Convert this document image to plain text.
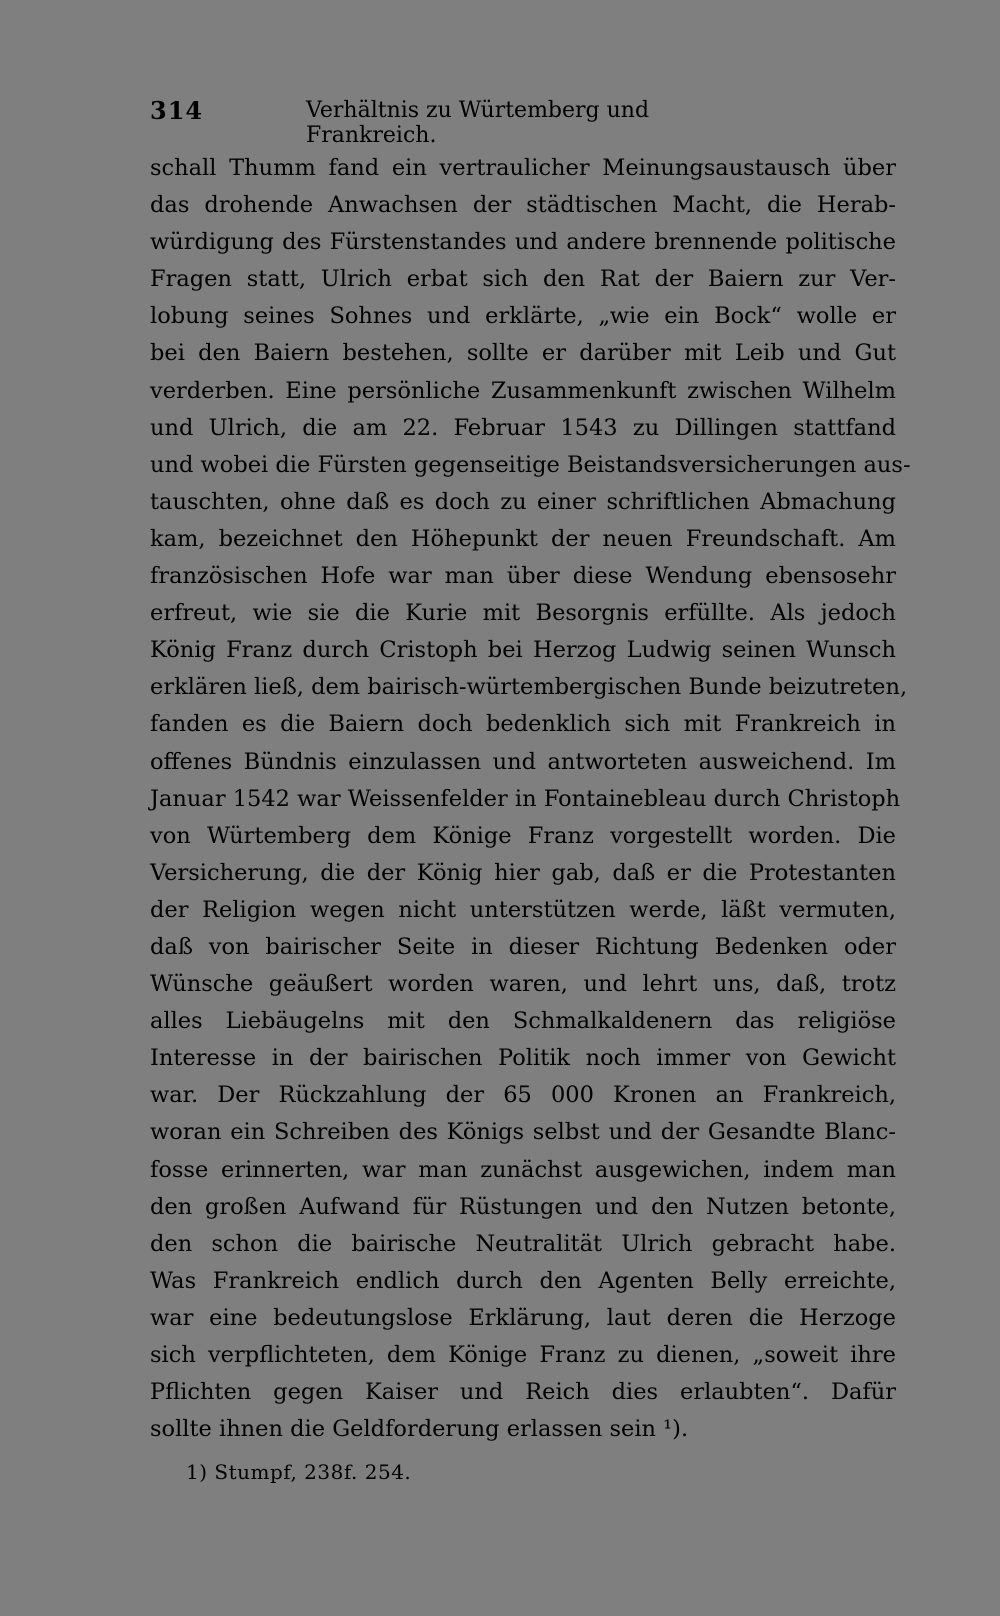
314	Verhältnis zu Würtemberg und Frankreich.
schall Thumm fand ein vertraulicher Meinungsaustausch über
das drohende Anwachsen der städtischen Macht, die Herab-
würdigung des Fürstenstandes und andere brennende politische
Fragen statt, Ulrich erbat sich den Rat der Baiern zur Ver-
lobung seines Sohnes und erklärte, „wie ein Bock“ wolle er
bei den Baiern bestehen, sollte er darüber mit Leib und Gut
verderben. Eine persönliche Zusammenkunft zwischen Wilhelm
und Ulrich, die am 22. Februar 1543 zu Dillingen stattfand
und wobei die Fürsten gegenseitige Beistandsversicherungen aus-
tauschten, ohne daß es doch zu einer schriftlichen Abmachung
kam, bezeichnet den Höhepunkt der neuen Freundschaft. Am
französischen Hofe war man über diese Wendung ebensosehr
erfreut, wie sie die Kurie mit Besorgnis erfüllte. Als jedoch
König Franz durch Cristoph bei Herzog Ludwig seinen Wunsch
erklären ließ, dem bairisch-würtembergischen Bunde beizutreten,
fanden es die Baiern doch bedenklich sich mit Frankreich in
offenes Bündnis einzulassen und antworteten ausweichend. Im
Januar 1542 war Weissenfelder in Fontainebleau durch Christoph
von Würtemberg dem Könige Franz vorgestellt worden. Die
Versicherung, die der König hier gab, daß er die Protestanten
der Religion wegen nicht unterstützen werde, läßt vermuten,
daß von bairischer Seite in dieser Richtung Bedenken oder
Wünsche geäußert worden waren, und lehrt uns, daß, trotz
alles Liebäugelns mit den Schmalkaldenern das religiöse
Interesse in der bairischen Politik noch immer von Gewicht
war. Der Rückzahlung der 65 000 Kronen an Frankreich,
woran ein Schreiben des Königs selbst und der Gesandte Blanc-
fosse erinnerten, war man zunächst ausgewichen, indem man
den großen Aufwand für Rüstungen und den Nutzen betonte,
den schon die bairische Neutralität Ulrich gebracht habe.
Was Frankreich endlich durch den Agenten Belly erreichte,
war eine bedeutungslose Erklärung, laut deren die Herzoge
sich verpflichteten, dem Könige Franz zu dienen, „soweit ihre
Pflichten gegen Kaiser und Reich dies erlaubten“. Dafür
sollte ihnen die Geldforderung erlassen sein ¹).
1) Stumpf, 238f. 254.
